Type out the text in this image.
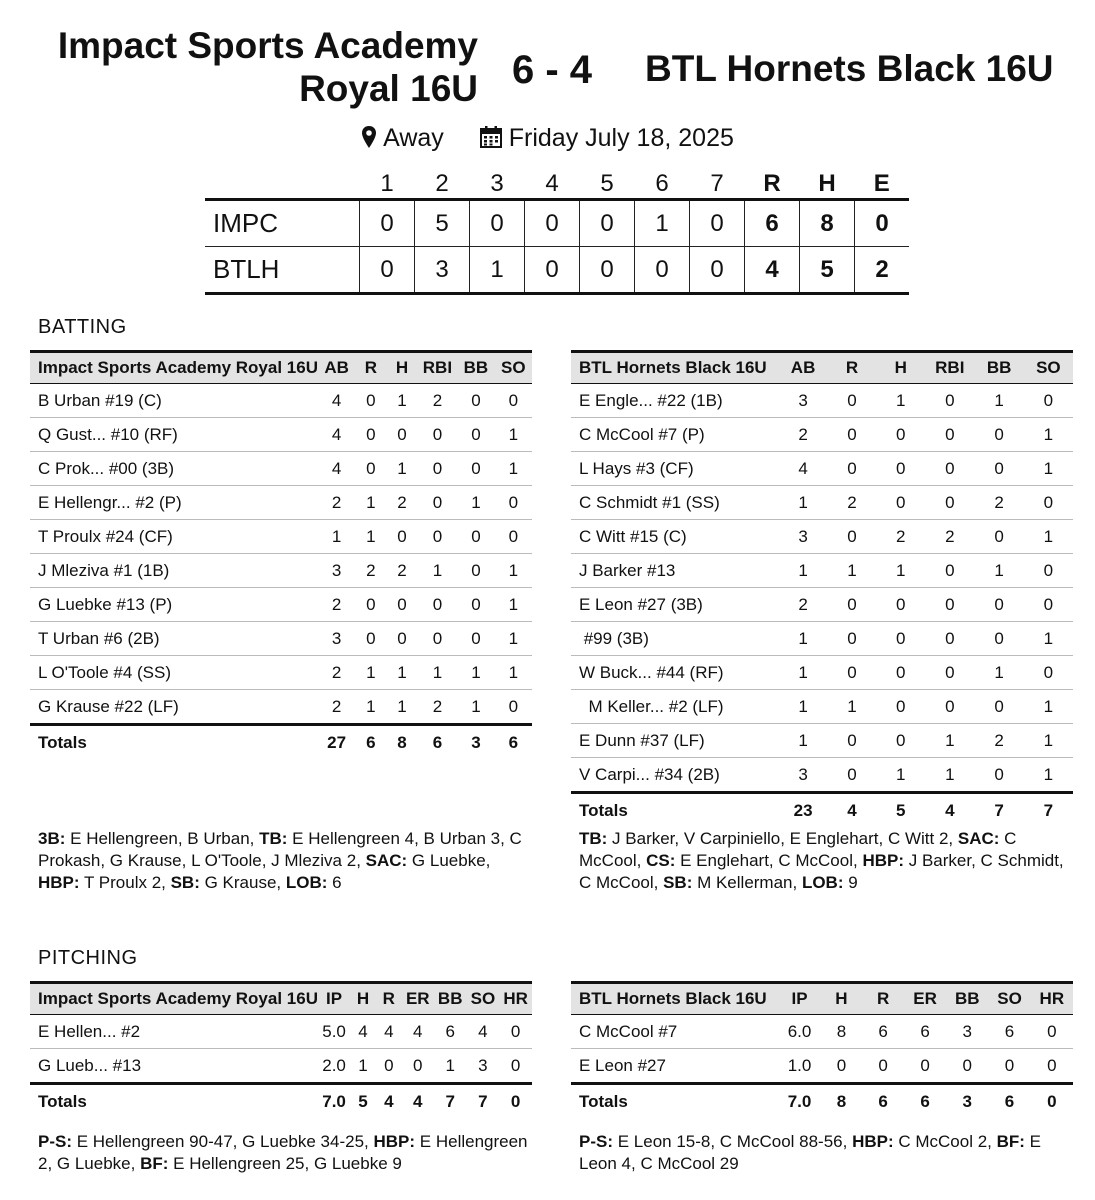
Impact Sports Academy
Royal 16U 6 - 4 BTL Hornets Black 16U
Away	Friday July 18, 2025
	1	2	3	4	5	6	7	R	H	E
IMPC	0	5	0	0	0	1	0	6	8	0
BTLH	0	3	1	0	0	0	0	4	5	2
BATTING
Impact Sports Academy Royal 16U	AB	R	H	RBI	BB	SO
B Urban #19 (C)	4	0	1	2	0	0
Q Gust... #10 (RF)	4	0	0	0	0	1
C Prok... #00 (3B)	4	0	1	0	0	1
E Hellengr... #2 (P)	2	1	2	0	1	0
T Proulx #24 (CF)	1	1	0	0	0	0
J Mleziva #1 (1B)	3	2	2	1	0	1
G Luebke #13 (P)	2	0	0	0	0	1
T Urban #6 (2B)	3	0	0	0	0	1
L O'Toole #4 (SS)	2	1	1	1	1	1
G Krause #22 (LF)	2	1	1	2	1	0
Totals	27	6	8	6	3	6
BTL Hornets Black 16U	AB	R	H	RBI	BB	SO
E Engle... #22 (1B)	3	0	1	0	1	0
C McCool #7 (P)	2	0	0	0	0	1
L Hays #3 (CF)	4	0	0	0	0	1
C Schmidt #1 (SS)	1	2	0	0	2	0
C Witt #15 (C)	3	0	2	2	0	1
J Barker #13	1	1	1	0	1	0
E Leon #27 (3B)	2	0	0	0	0	0
#99 (3B)	1	0	0	0	0	1
W Buck... #44 (RF)	1	0	0	0	1	0
M Keller... #2 (LF)	1	1	0	0	0	1
E Dunn #37 (LF)	1	0	0	1	2	1
V Carpi... #34 (2B)	3	0	1	1	0	1
Totals	23	4	5	4	7	7
3B: E Hellengreen, B Urban, TB: E Hellengreen 4, B Urban 3, C Prokash, G Krause, L O'Toole, J Mleziva 2, SAC: G Luebke, HBP: T Proulx 2, SB: G Krause, LOB: 6
TB: J Barker, V Carpiniello, E Englehart, C Witt 2, SAC: C McCool, CS: E Englehart, C McCool, HBP: J Barker, C Schmidt, C McCool, SB: M Kellerman, LOB: 9
PITCHING
Impact Sports Academy Royal 16U	IP	H	R	ER	BB	SO	HR
E Hellen... #2	5.0	4	4	4	6	4	0
G Lueb... #13	2.0	1	0	0	1	3	0
Totals	7.0	5	4	4	7	7	0
BTL Hornets Black 16U	IP	H	R	ER	BB	SO	HR
C McCool #7	6.0	8	6	6	3	6	0
E Leon #27	1.0	0	0	0	0	0	0
Totals	7.0	8	6	6	3	6	0
P-S: E Hellengreen 90-47, G Luebke 34-25, HBP: E Hellengreen 2, G Luebke, BF: E Hellengreen 25, G Luebke 9
P-S: E Leon 15-8, C McCool 88-56, HBP: C McCool 2, BF: E Leon 4, C McCool 29
